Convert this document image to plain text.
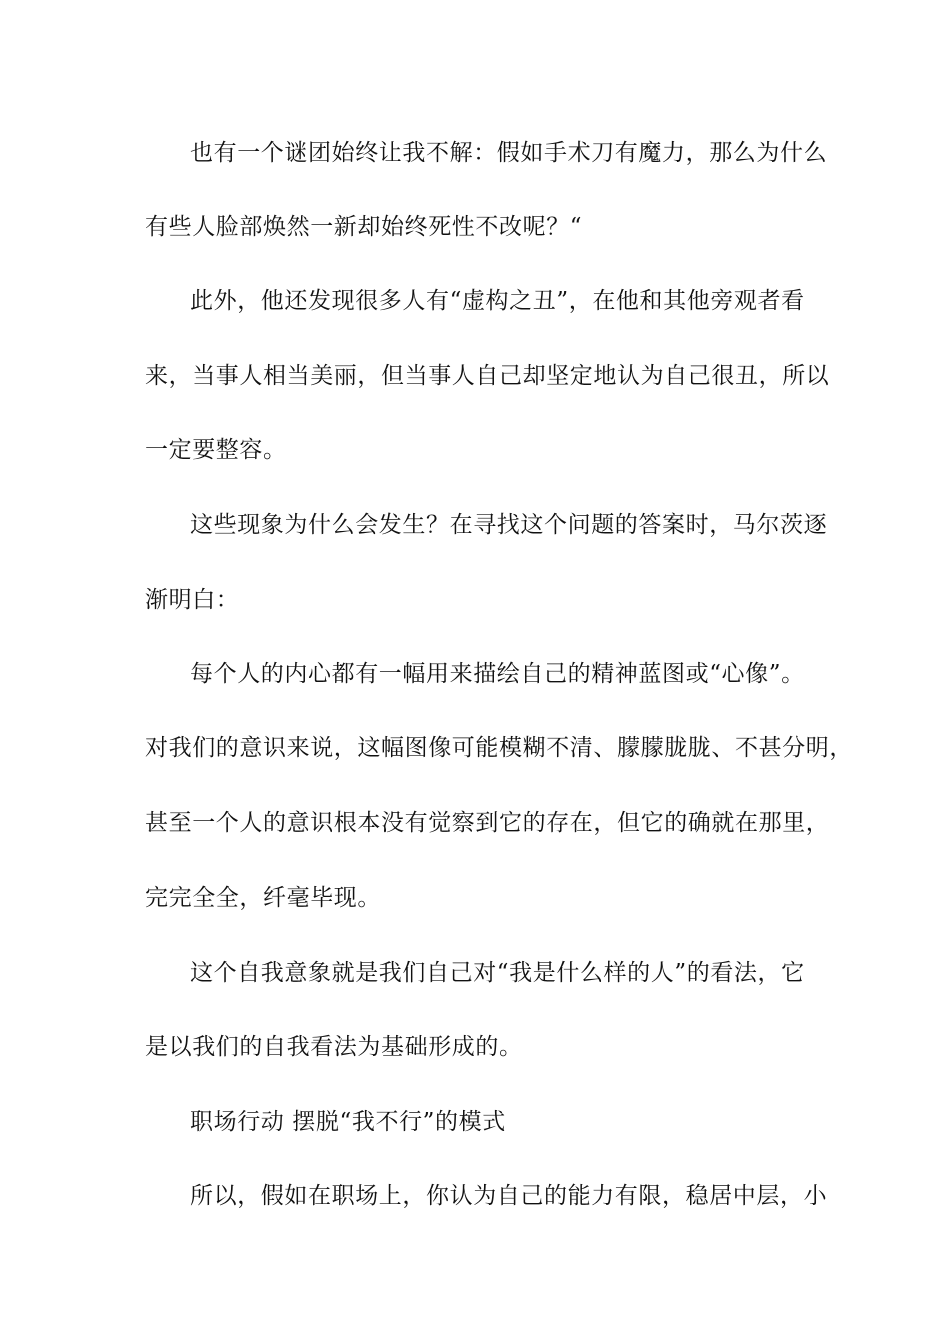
也有一个谜团始终让我不解：假如手术刀有魔力，那么为什么
有些人脸部焕然一新却始终死性不改呢？“
此外，他还发现很多人有“虚构之丑”，在他和其他旁观者看
来，当事人相当美丽，但当事人自己却坚定地认为自己很丑，所以
一定要整容。
这些现象为什么会发生？在寻找这个问题的答案时，马尔茨逐
渐明白：
每个人的内心都有一幅用来描绘自己的精神蓝图或“心像”。
对我们的意识来说，这幅图像可能模糊不清、朦朦胧胧、不甚分明，
甚至一个人的意识根本没有觉察到它的存在，但它的确就在那里，
完完全全，纤毫毕现。
这个自我意象就是我们自己对“我是什么样的人”的看法，它
是以我们的自我看法为基础形成的。
职场行动 摆脱“我不行”的模式
所以，假如在职场上，你认为自己的能力有限，稳居中层，小
